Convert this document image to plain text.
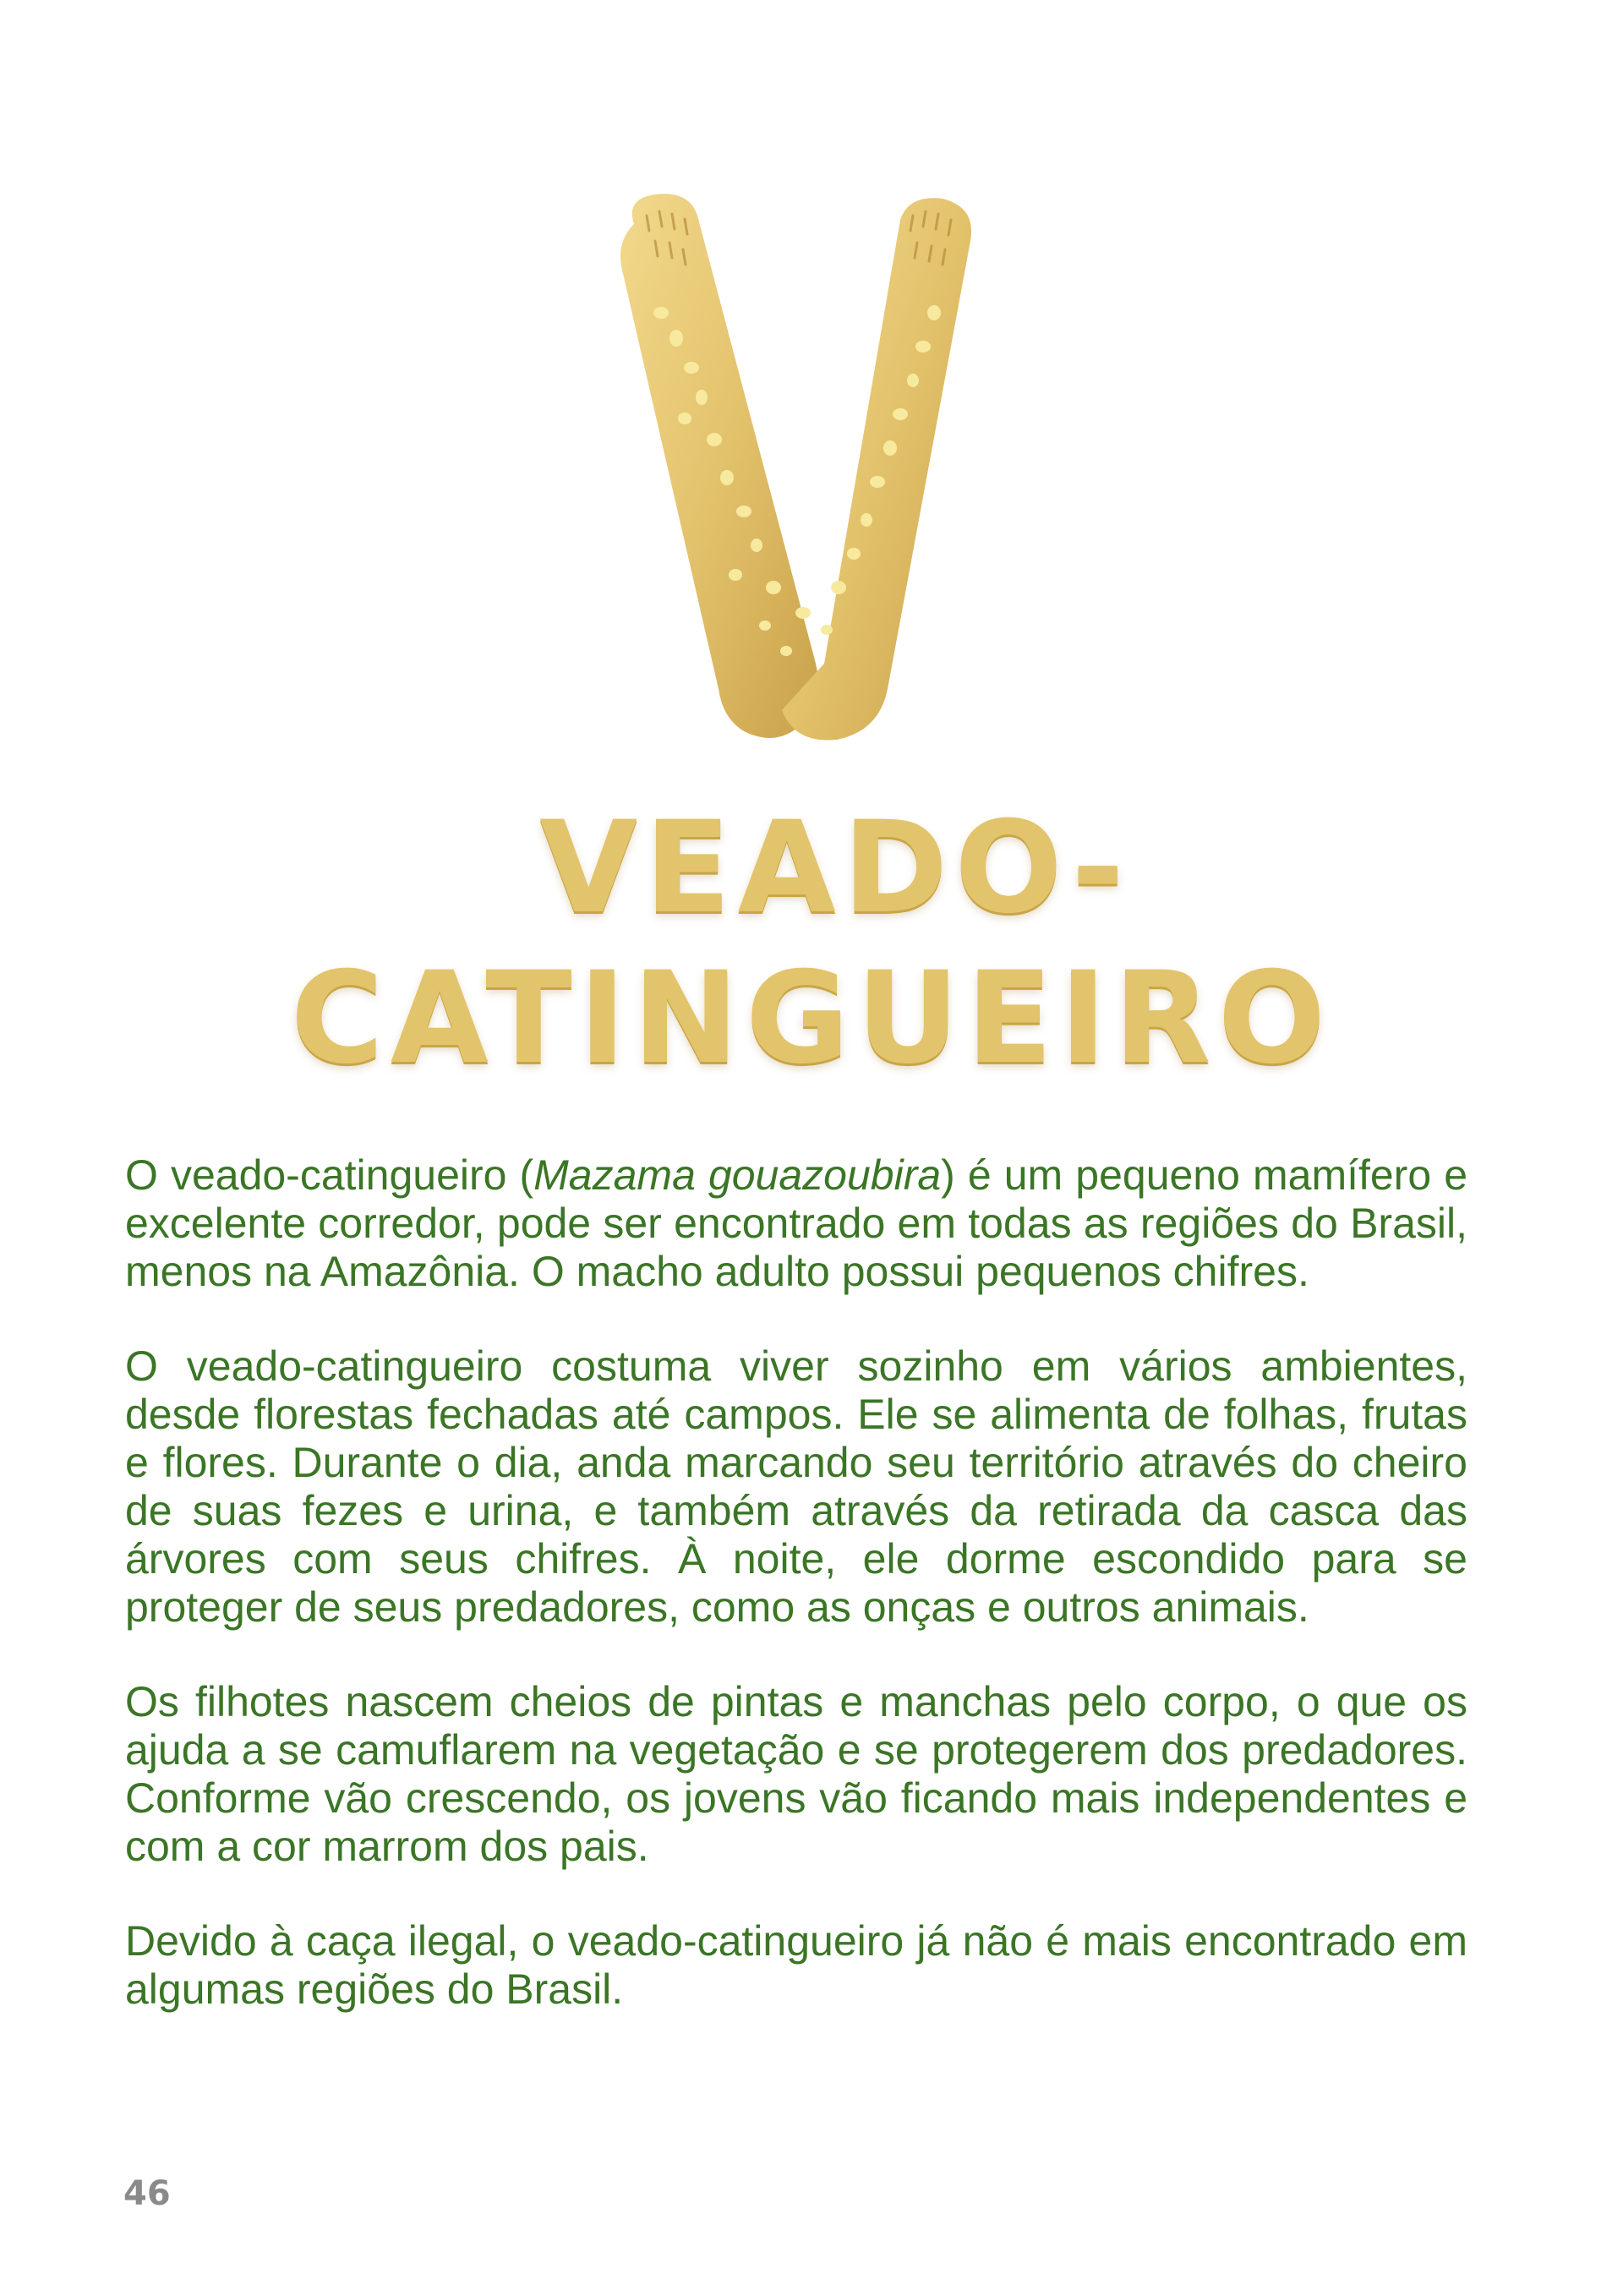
VEADO-
CATINGUEIRO

O veado-catingueiro (Mazama gouazoubira) é um pequeno mamífero e excelente corredor, pode ser encontrado em todas as regiões do Brasil, menos na Amazônia. O macho adulto possui pequenos chifres.

O veado-catingueiro costuma viver sozinho em vários ambientes, desde florestas fechadas até campos. Ele se alimenta de folhas, frutas e flores. Durante o dia, anda marcando seu território através do cheiro de suas fezes e urina, e também através da retirada da casca das árvores com seus chifres. À noite, ele dorme escondido para se proteger de seus predadores, como as onças e outros animais.

Os filhotes nascem cheios de pintas e manchas pelo corpo, o que os ajuda a se camuflarem na vegetação e se protegerem dos predadores. Conforme vão crescendo, os jovens vão ficando mais independentes e com a cor marrom dos pais.

Devido à caça ilegal, o veado-catingueiro já não é mais encontrado em algumas regiões do Brasil.

46
